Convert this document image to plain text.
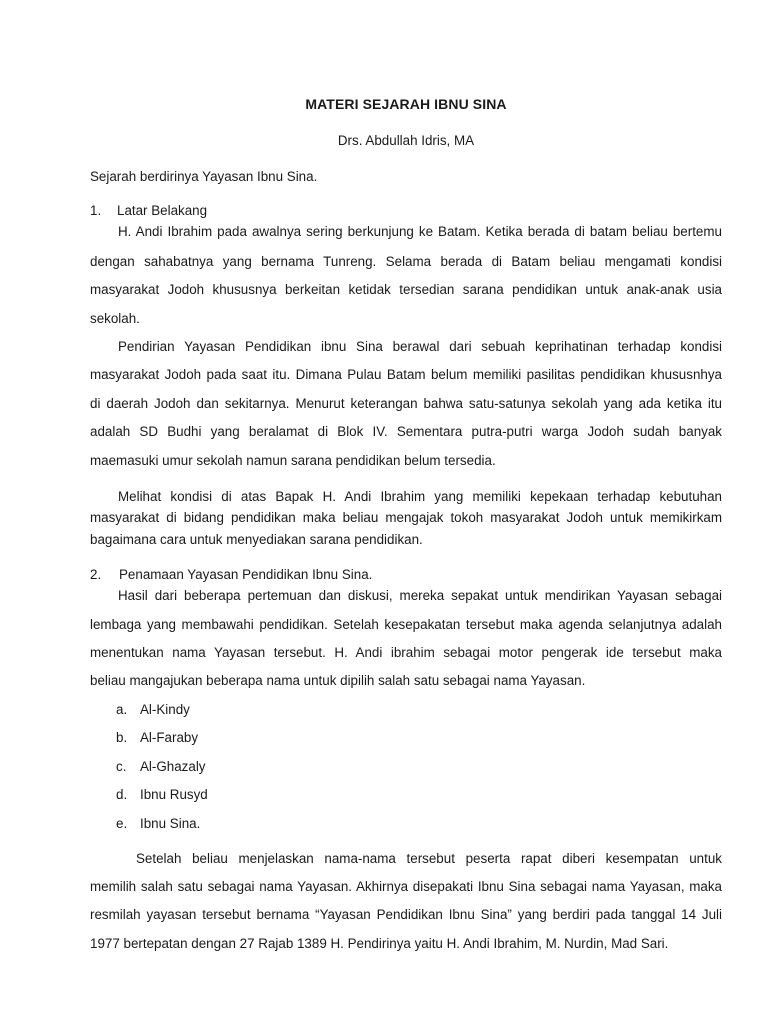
MATERI SEJARAH IBNU SINA
Drs. Abdullah Idris, MA
Sejarah berdirinya Yayasan Ibnu Sina.
1. Latar Belakang
H. Andi Ibrahim pada awalnya sering berkunjung ke Batam. Ketika berada di batam beliau bertemu
dengan sahabatnya yang bernama Tunreng. Selama berada di Batam beliau mengamati kondisi
masyarakat Jodoh khususnya berkeitan ketidak tersedian sarana pendidikan untuk anak-anak usia
sekolah.
Pendirian Yayasan Pendidikan ibnu Sina berawal dari sebuah keprihatinan terhadap kondisi
masyarakat Jodoh pada saat itu. Dimana Pulau Batam belum memiliki pasilitas pendidikan khususnhya
di daerah Jodoh dan sekitarnya. Menurut keterangan bahwa satu-satunya sekolah yang ada ketika itu
adalah SD Budhi yang beralamat di Blok IV. Sementara putra-putri warga Jodoh sudah banyak
maemasuki umur sekolah namun sarana pendidikan belum tersedia.
Melihat kondisi di atas Bapak H. Andi Ibrahim yang memiliki kepekaan terhadap kebutuhan
masyarakat di bidang pendidikan maka beliau mengajak tokoh masyarakat Jodoh untuk memikirkam
bagaimana cara untuk menyediakan sarana pendidikan.
2. Penamaan Yayasan Pendidikan Ibnu Sina.
Hasil dari beberapa pertemuan dan diskusi, mereka sepakat untuk mendirikan Yayasan sebagai
lembaga yang membawahi pendidikan. Setelah kesepakatan tersebut maka agenda selanjutnya adalah
menentukan nama Yayasan tersebut. H. Andi ibrahim sebagai motor pengerak ide tersebut maka
beliau mangajukan beberapa nama untuk dipilih salah satu sebagai nama Yayasan.
a. Al-Kindy
b. Al-Faraby
c. Al-Ghazaly
d. Ibnu Rusyd
e. Ibnu Sina.
Setelah beliau menjelaskan nama-nama tersebut peserta rapat diberi kesempatan untuk
memilih salah satu sebagai nama Yayasan. Akhirnya disepakati Ibnu Sina sebagai nama Yayasan, maka
resmilah yayasan tersebut bernama “Yayasan Pendidikan Ibnu Sina” yang berdiri pada tanggal 14 Juli
1977 bertepatan dengan 27 Rajab 1389 H. Pendirinya yaitu H. Andi Ibrahim, M. Nurdin, Mad Sari.
